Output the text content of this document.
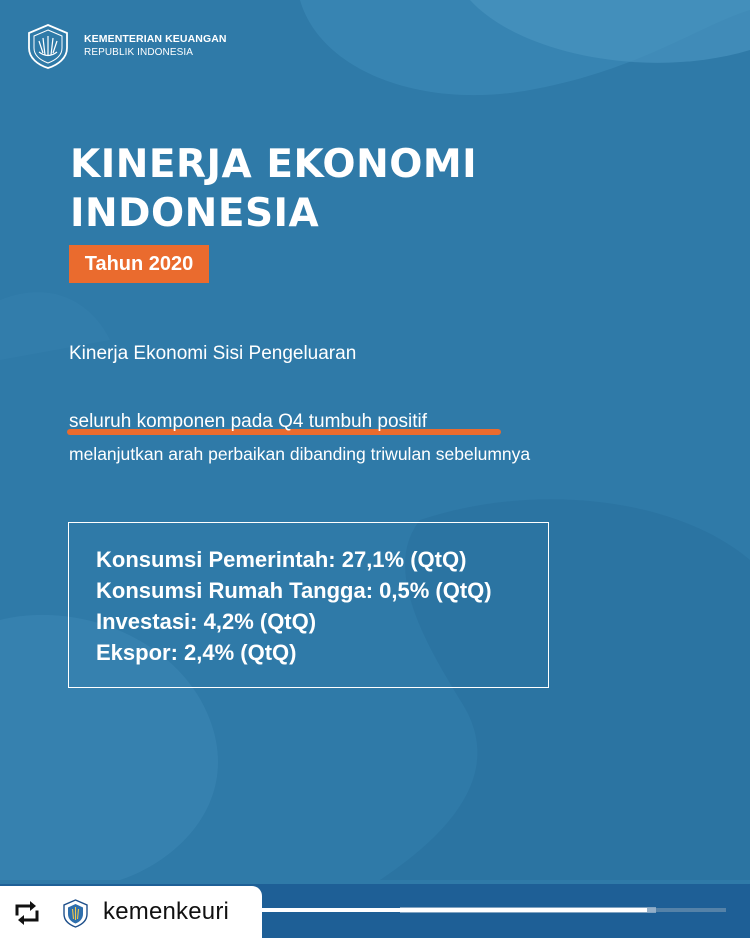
KEMENTERIAN KEUANGAN
REPUBLIK INDONESIA
KINERJA EKONOMI
INDONESIA
Tahun 2020
Kinerja Ekonomi Sisi Pengeluaran
seluruh komponen pada Q4 tumbuh positif
melanjutkan arah perbaikan dibanding triwulan sebelumnya
Konsumsi Pemerintah: 27,1% (QtQ)
Konsumsi Rumah Tangga: 0,5% (QtQ)
Investasi: 4,2% (QtQ)
Ekspor: 2,4% (QtQ)
kemenkeuri
